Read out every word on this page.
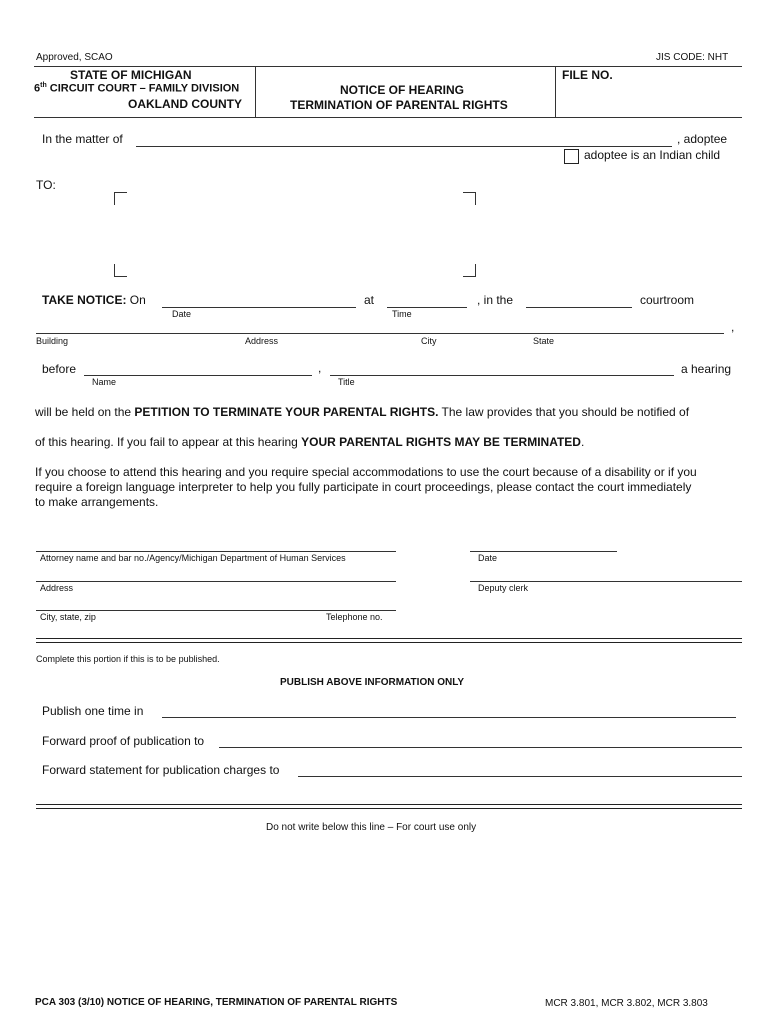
Approved, SCAO	JIS CODE: NHT
STATE OF MICHIGAN
6th CIRCUIT COURT – FAMILY DIVISION
OAKLAND COUNTY
NOTICE OF HEARING
TERMINATION OF PARENTAL RIGHTS
FILE NO.
In the matter of	, adoptee
adoptee is an Indian child
TO:
TAKE NOTICE: On	at	, in the	courtroom
Date	Time
,
Building	Address	City	State
before	,	a hearing
Name	Title
will be held on the PETITION TO TERMINATE YOUR PARENTAL RIGHTS. The law provides that you should be notified of
of this hearing. If you fail to appear at this hearing YOUR PARENTAL RIGHTS MAY BE TERMINATED.
If you choose to attend this hearing and you require special accommodations to use the court because of a disability or if you
require a foreign language interpreter to help you fully participate in court proceedings, please contact the court immediately
to make arrangements.
Attorney name and bar no./Agency/Michigan Department of Human Services	Date
Address	Deputy clerk
City, state, zip	Telephone no.
Complete this portion if this is to be published.
PUBLISH ABOVE INFORMATION ONLY
Publish one time in
Forward proof of publication to
Forward statement for publication charges to
Do not write below this line – For court use only
PCA 303 (3/10) NOTICE OF HEARING, TERMINATION OF PARENTAL RIGHTS	MCR 3.801, MCR 3.802, MCR 3.803
